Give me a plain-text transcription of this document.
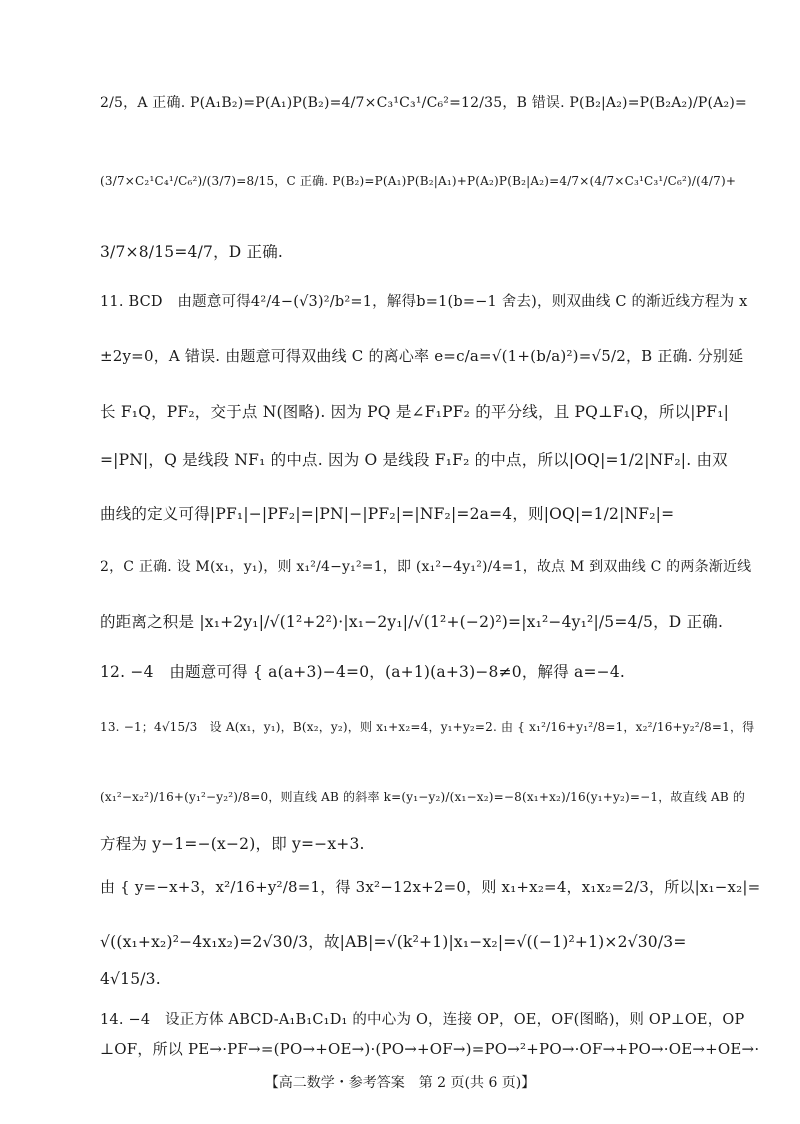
2/5，A 正确. P(A₁B₂)=P(A₁)P(B₂)=4/7×C₃¹C₃¹/C₆²=12/35，B 错误. P(B₂|A₂)=P(B₂A₂)/P(A₂)=
(3/7×C₂¹C₄¹/C₆²)/(3/7)=8/15，C 正确. P(B₂)=P(A₁)P(B₂|A₁)+P(A₂)P(B₂|A₂)=4/7×(4/7×C₃¹C₃¹/C₆²)/(4/7)+
3/7×8/15=4/7，D 正确.
11. BCD　由题意可得4²/4−(√3)²/b²=1，解得b=1(b=−1 舍去)，则双曲线 C 的渐近线方程为 x
±2y=0，A 错误. 由题意可得双曲线 C 的离心率 e=c/a=√(1+(b/a)²)=√5/2，B 正确. 分别延
长 F₁Q，PF₂，交于点 N(图略). 因为 PQ 是∠F₁PF₂ 的平分线，且 PQ⊥F₁Q，所以|PF₁|
=|PN|，Q 是线段 NF₁ 的中点. 因为 O 是线段 F₁F₂ 的中点，所以|OQ|=1/2|NF₂|. 由双
曲线的定义可得|PF₁|−|PF₂|=|PN|−|PF₂|=|NF₂|=2a=4，则|OQ|=1/2|NF₂|=
2，C 正确. 设 M(x₁，y₁)，则 x₁²/4−y₁²=1，即 (x₁²−4y₁²)/4=1，故点 M 到双曲线 C 的两条渐近线
的距离之积是 |x₁+2y₁|/√(1²+2²)·|x₁−2y₁|/√(1²+(−2)²)=|x₁²−4y₁²|/5=4/5，D 正确.
12. −4　由题意可得 { a(a+3)−4=0，(a+1)(a+3)−8≠0，解得 a=−4.
13. −1；4√15/3　设 A(x₁，y₁)，B(x₂，y₂)，则 x₁+x₂=4，y₁+y₂=2. 由 { x₁²/16+y₁²/8=1，x₂²/16+y₂²/8=1，得
(x₁²−x₂²)/16+(y₁²−y₂²)/8=0，则直线 AB 的斜率 k=(y₁−y₂)/(x₁−x₂)=−8(x₁+x₂)/16(y₁+y₂)=−1，故直线 AB 的
方程为 y−1=−(x−2)，即 y=−x+3.
由 { y=−x+3，x²/16+y²/8=1，得 3x²−12x+2=0，则 x₁+x₂=4，x₁x₂=2/3，所以|x₁−x₂|=
√((x₁+x₂)²−4x₁x₂)=2√30/3，故|AB|=√(k²+1)|x₁−x₂|=√((−1)²+1)×2√30/3=
4√15/3.
14. −4　设正方体 ABCD-A₁B₁C₁D₁ 的中心为 O，连接 OP，OE，OF(图略)，则 OP⊥OE，OP
⊥OF，所以 PE→·PF→=(PO→+OE→)·(PO→+OF→)=PO→²+PO→·OF→+PO→·OE→+OE→·
【高二数学・参考答案　第 2 页(共 6 页)】
